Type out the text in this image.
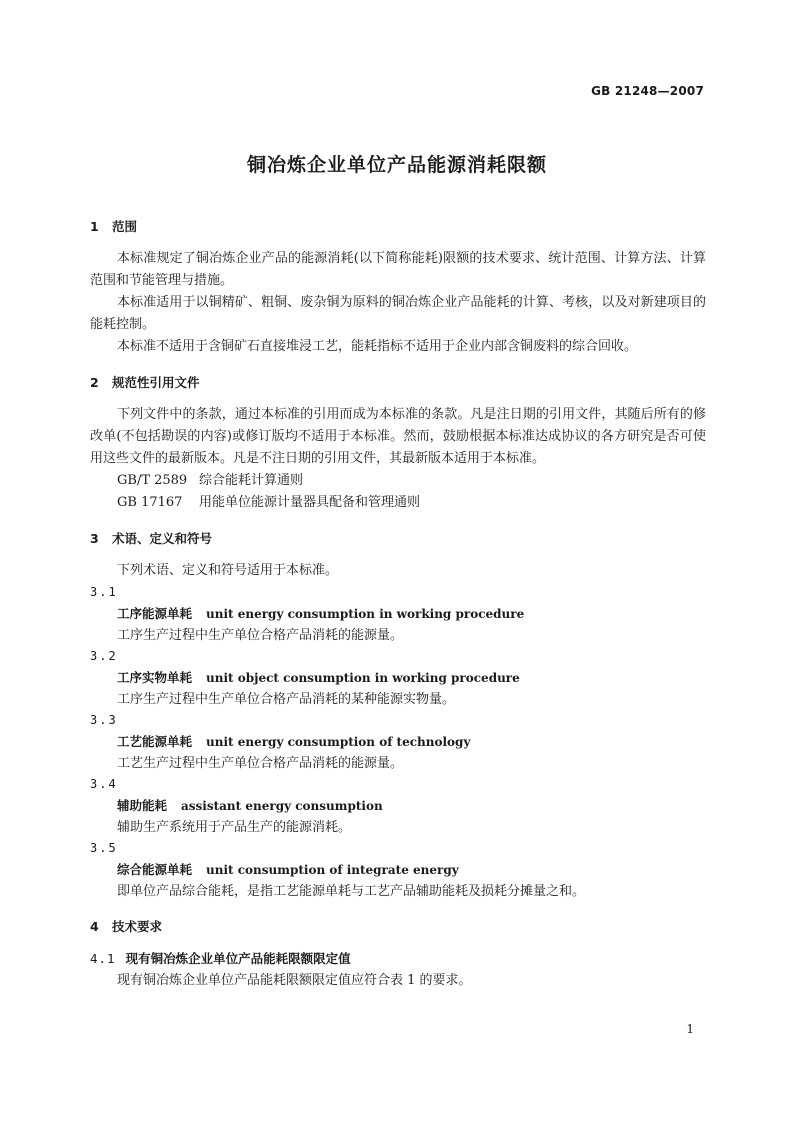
GB 21248—2007
铜冶炼企业单位产品能源消耗限额

1 范围

本标准规定了铜冶炼企业产品的能源消耗(以下简称能耗)限额的技术要求、统计范围、计算方法、计算范围和节能管理与措施。

本标准适用于以铜精矿、粗铜、废杂铜为原料的铜冶炼企业产品能耗的计算、考核，以及对新建项目的能耗控制。

本标准不适用于含铜矿石直接堆浸工艺，能耗指标不适用于企业内部含铜废料的综合回收。

2 规范性引用文件

下列文件中的条款，通过本标准的引用而成为本标准的条款。凡是注日期的引用文件，其随后所有的修改单(不包括勘误的内容)或修订版均不适用于本标准。然而，鼓励根据本标准达成协议的各方研究是否可使用这些文件的最新版本。凡是不注日期的引用文件，其最新版本适用于本标准。

GB/T 2589 综合能耗计算通则

GB 17167 用能单位能源计量器具配备和管理通则

3 术语、定义和符号

下列术语、定义和符号适用于本标准。

3.1

工序能源单耗 unit energy consumption in working procedure

工序生产过程中生产单位合格产品消耗的能源量。

3.2

工序实物单耗 unit object consumption in working procedure

工序生产过程中生产单位合格产品消耗的某种能源实物量。

3.3

工艺能源单耗 unit energy consumption of technology

工艺生产过程中生产单位合格产品消耗的能源量。

3.4

辅助能耗 assistant energy consumption

辅助生产系统用于产品生产的能源消耗。

3.5

综合能源单耗 unit consumption of integrate energy

即单位产品综合能耗，是指工艺能源单耗与工艺产品辅助能耗及损耗分摊量之和。

4 技术要求

4.1 现有铜冶炼企业单位产品能耗限额限定值

现有铜冶炼企业单位产品能耗限额限定值应符合表 1 的要求。

1
